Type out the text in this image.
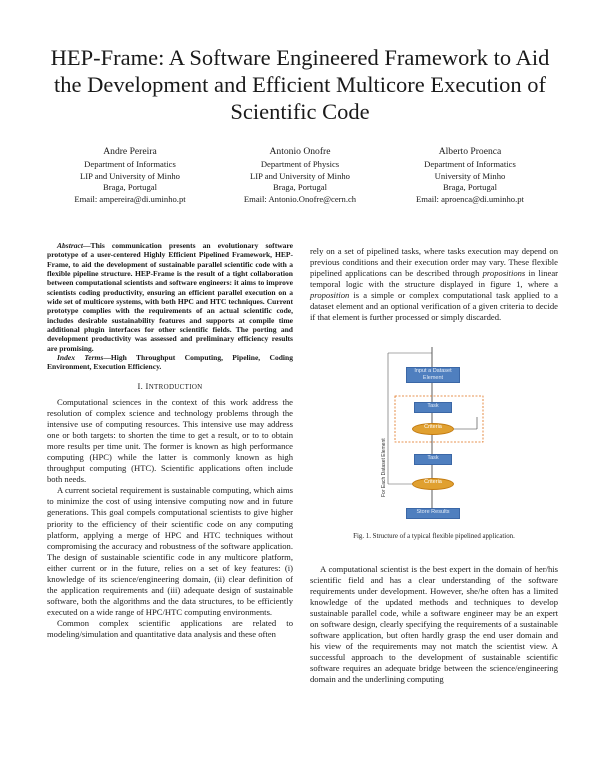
HEP-Frame: A Software Engineered Framework to Aid the Development and Efficient Multicore Execution of Scientific Code
Andre Pereira
Department of Informatics
LIP and University of Minho
Braga, Portugal
Email: ampereira@di.uminho.pt
Antonio Onofre
Department of Physics
LIP and University of Minho
Braga, Portugal
Email: Antonio.Onofre@cern.ch
Alberto Proenca
Department of Informatics
University of Minho
Braga, Portugal
Email: aproenca@di.uminho.pt

Abstract—This communication presents an evolutionary software prototype of a user-centered Highly Efficient Pipelined Framework, HEP-Frame, to aid the development of sustainable parallel scientific code with a flexible pipeline structure. HEP-Frame is the result of a tight collaboration between computational scientists and software engineers: it aims to improve scientists coding productivity, ensuring an efficient parallel execution on a wide set of multicore systems, with both HPC and HTC techniques. Current prototype complies with the requirements of an actual scientific code, includes desirable sustainability features and supports at compile time additional plugin interfaces for other scientific fields. The porting and development productivity was assessed and preliminary efficiency results are promising.

Index Terms—High Throughput Computing, Pipeline, Coding Environment, Execution Efficiency.

I. INTRODUCTION

Computational sciences in the context of this work address the resolution of complex science and technology problems through the intensive use of computing resources. This intensive use may address one or both targets: to shorten the time to get a result, or to to obtain more results per time unit. The former is known as high performance computing (HPC) while the latter is commonly known as high throughput computing (HTC). Scientific applications often include both needs.

A current societal requirement is sustainable computing, which aims to minimize the cost of using intensive computing now and in future generations. This goal compels computational scientists to give higher priority to the efficiency of their scientific code on any computing platform, applying a merge of HPC and HTC techniques without compromising the accuracy and robustness of the software application. The design of sustainable scientific code in any multicore platform, either current or in the future, relies on a set of key features: (i) knowledge of its science/engineering domain, (ii) clear definition of the application requirements and (iii) adequate design of sustainable software, both the algorithms and the data structures, to be efficiently executed on a wide range of HPC/HTC computing environments.

Common complex scientific applications are related to modeling/simulation and quantitative data analysis and these often

rely on a set of pipelined tasks, where tasks execution may depend on previous conditions and their execution order may vary. These flexible pipelined applications can be described through propositions in linear temporal logic with the structure displayed in figure 1, where a proposition is a simple or complex computational task applied to a dataset element and an optional verification of a given criteria to decide if that element is further processed or simply discarded.

Input a Dataset Element
Task
Criteria
Task
Criteria
Store Results
For Each Dataset Element
Fig. 1. Structure of a typical flexible pipelined application.

A computational scientist is the best expert in the domain of her/his scientific field and has a clear understanding of the software requirements under development. However, she/he often has a limited knowledge of the updated methods and techniques to develop sustainable parallel code, while a software engineer may be an expert on software design, clearly specifying the requirements of a sustainable software application, but often hardly grasp the end user domain and his view of the requirements may not match the scientist view. A successful approach to the development of sustainable scientific software requires an adequate bridge between the science/engineering domain and the underlining computing
